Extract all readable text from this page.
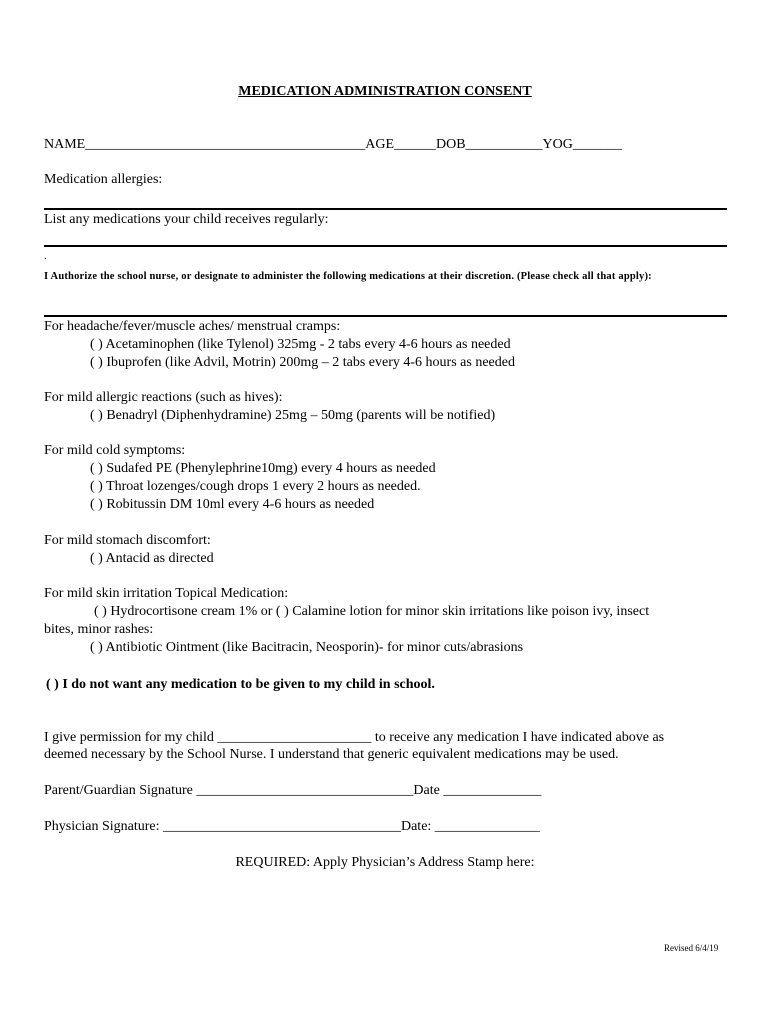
MEDICATION ADMINISTRATION CONSENT
NAME________________________________________AGE______DOB___________YOG_______
Medication allergies:
List any medications your child receives regularly:
.
I Authorize the school nurse, or designate to administer the following medications at their discretion. (Please check all that apply):
For headache/fever/muscle aches/ menstrual cramps:
( ) Acetaminophen (like Tylenol) 325mg - 2 tabs every 4-6 hours as needed
( ) Ibuprofen (like Advil, Motrin) 200mg – 2 tabs every 4-6 hours as needed
For mild allergic reactions (such as hives):
( ) Benadryl (Diphenhydramine) 25mg – 50mg (parents will be notified)
For mild cold symptoms:
( ) Sudafed PE (Phenylephrine10mg) every 4 hours as needed
( ) Throat lozenges/cough drops 1 every 2 hours as needed.
( ) Robitussin DM 10ml every 4-6 hours as needed
For mild stomach discomfort:
( ) Antacid as directed
For mild skin irritation Topical Medication:
( ) Hydrocortisone cream 1% or ( ) Calamine lotion for minor skin irritations like poison ivy, insect
bites, minor rashes:
( ) Antibiotic Ointment (like Bacitracin, Neosporin)- for minor cuts/abrasions
( ) I do not want any medication to be given to my child in school.
I give permission for my child ______________________ to receive any medication I have indicated above as
deemed necessary by the School Nurse. I understand that generic equivalent medications may be used.
Parent/Guardian Signature _______________________________Date ______________
Physician Signature: __________________________________Date: _______________
REQUIRED: Apply Physician’s Address Stamp here:
Revised 6/4/19
